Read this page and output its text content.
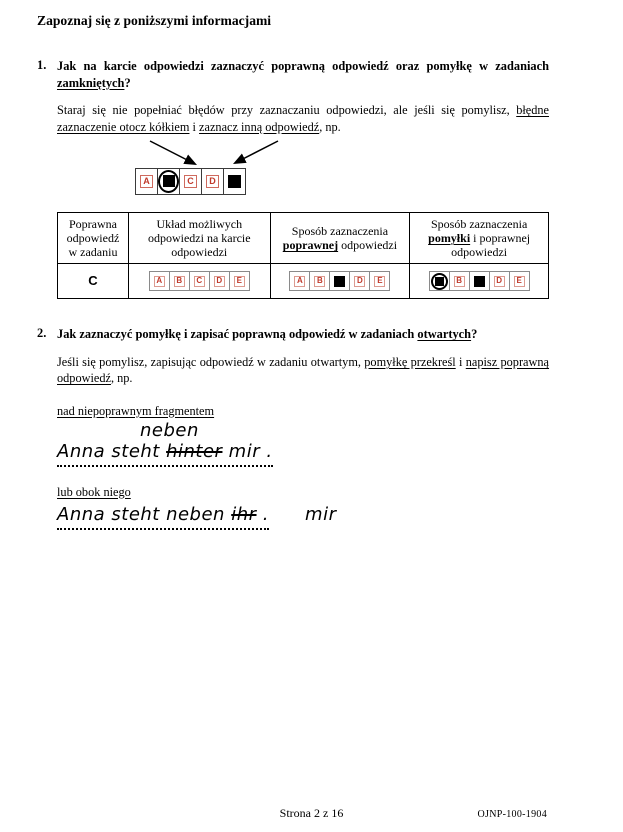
Zapoznaj się z poniższymi informacjami
1. Jak na karcie odpowiedzi zaznaczyć poprawną odpowiedź oraz pomyłkę w zadaniach zamkniętych?
Staraj się nie popełniać błędów przy zaznaczaniu odpowiedzi, ale jeśli się pomylisz, błędne zaznaczenie otocz kółkiem i zaznacz inną odpowiedź, np.
A	C	D
Poprawna odpowiedź w zadaniu	Układ możliwych odpowiedzi na karcie odpowiedzi	Sposób zaznaczenia poprawnej odpowiedzi	Sposób zaznaczenia pomyłki i poprawnej odpowiedzi
C	A B C D E	A B D E	B D E
2. Jak zaznaczyć pomyłkę i zapisać poprawną odpowiedź w zadaniach otwartych?
Jeśli się pomylisz, zapisując odpowiedź w zadaniu otwartym, pomyłkę przekreśl i napisz poprawną odpowiedź, np.
nad niepoprawnym fragmentem
neben
Anna steht hinter mir .
lub obok niego
Anna steht neben ihr . mir
Strona 2 z 16	OJNP-100-1904
